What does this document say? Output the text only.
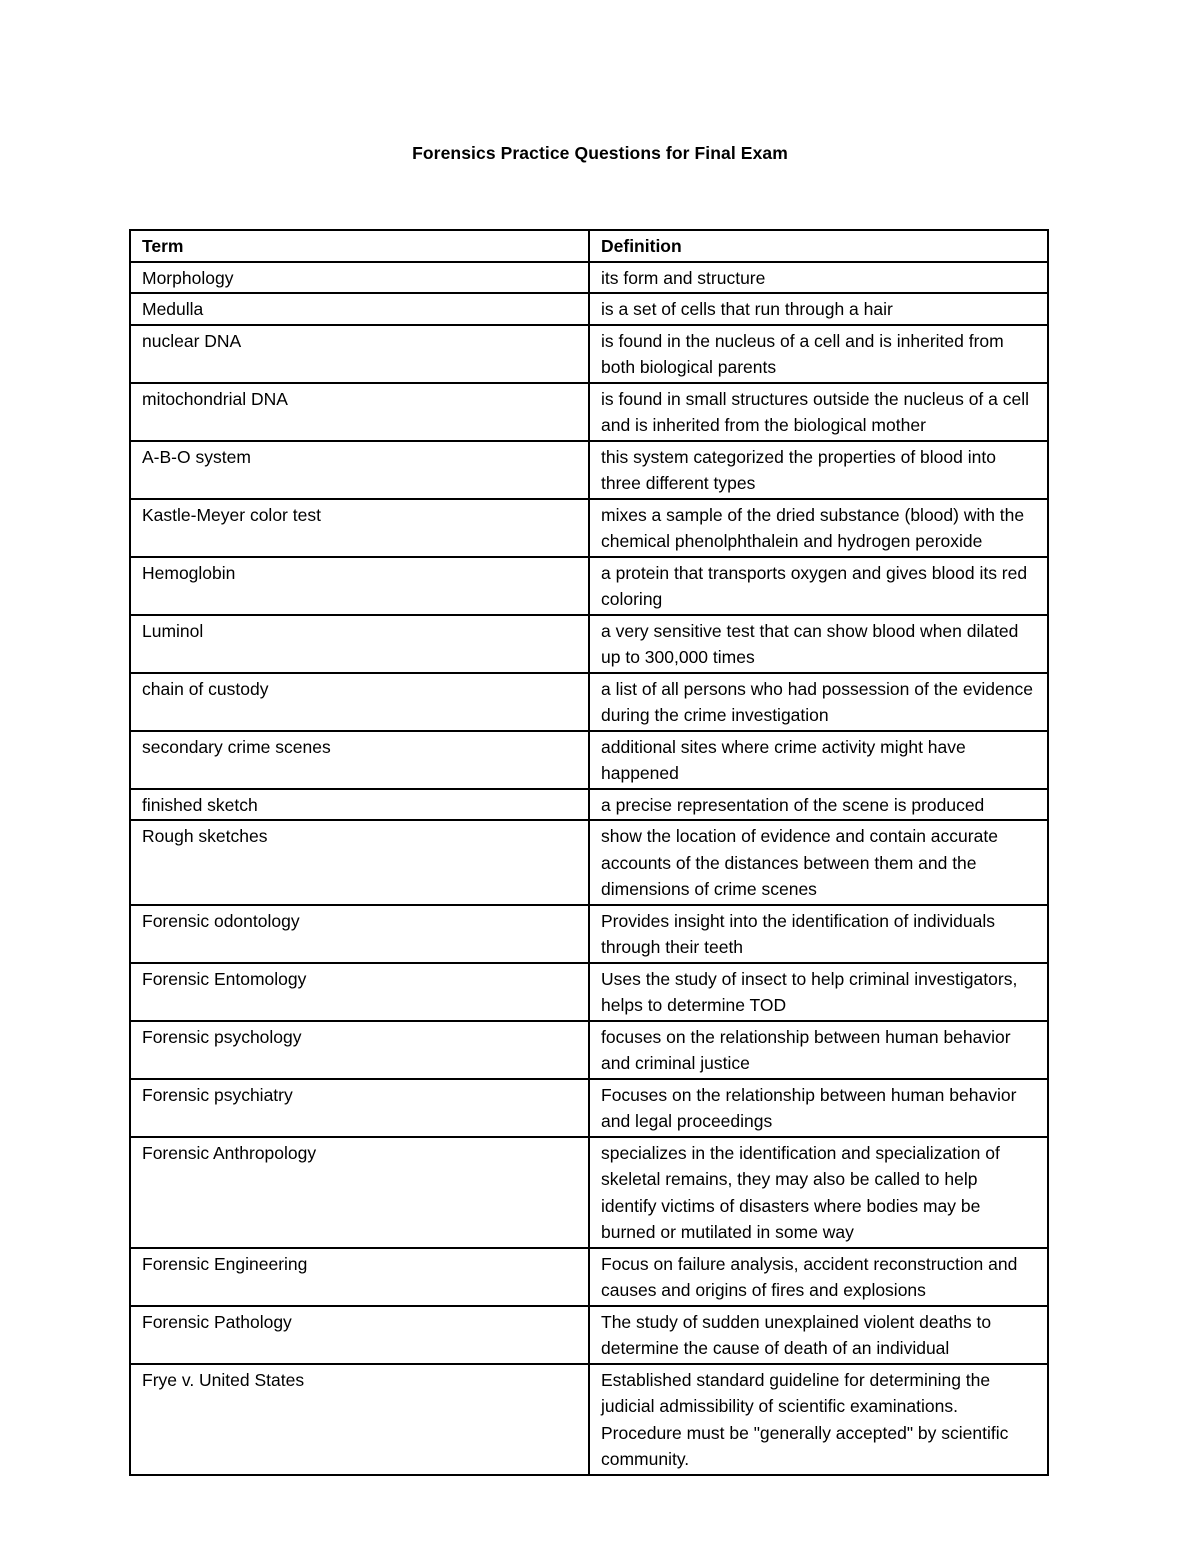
Forensics Practice Questions for Final Exam
Term	Definition
Morphology	its form and structure
Medulla	is a set of cells that run through a hair
nuclear DNA	is found in the nucleus of a cell and is inherited from both biological parents
mitochondrial DNA	is found in small structures outside the nucleus of a cell and is inherited from the biological mother
A-B-O system	this system categorized the properties of blood into three different types
Kastle-Meyer color test	mixes a sample of the dried substance (blood) with the chemical phenolphthalein and hydrogen peroxide
Hemoglobin	a protein that transports oxygen and gives blood its red coloring
Luminol	a very sensitive test that can show blood when dilated up to 300,000 times
chain of custody	a list of all persons who had possession of the evidence during the crime investigation
secondary crime scenes	additional sites where crime activity might have happened
finished sketch	a precise representation of the scene is produced
Rough sketches	show the location of evidence and contain accurate accounts of the distances between them and the dimensions of crime scenes
Forensic odontology	Provides insight into the identification of individuals through their teeth
Forensic Entomology	Uses the study of insect to help criminal investigators, helps to determine TOD
Forensic psychology	focuses on the relationship between human behavior and criminal justice
Forensic psychiatry	Focuses on the relationship between human behavior and legal proceedings
Forensic Anthropology	specializes in the identification and specialization of skeletal remains, they may also be called to help identify victims of disasters where bodies may be burned or mutilated in some way
Forensic Engineering	Focus on failure analysis, accident reconstruction and causes and origins of fires and explosions
Forensic Pathology	The study of sudden unexplained violent deaths to determine the cause of death of an individual
Frye v. United States	Established standard guideline for determining the judicial admissibility of scientific examinations. Procedure must be "generally accepted" by scientific community.
